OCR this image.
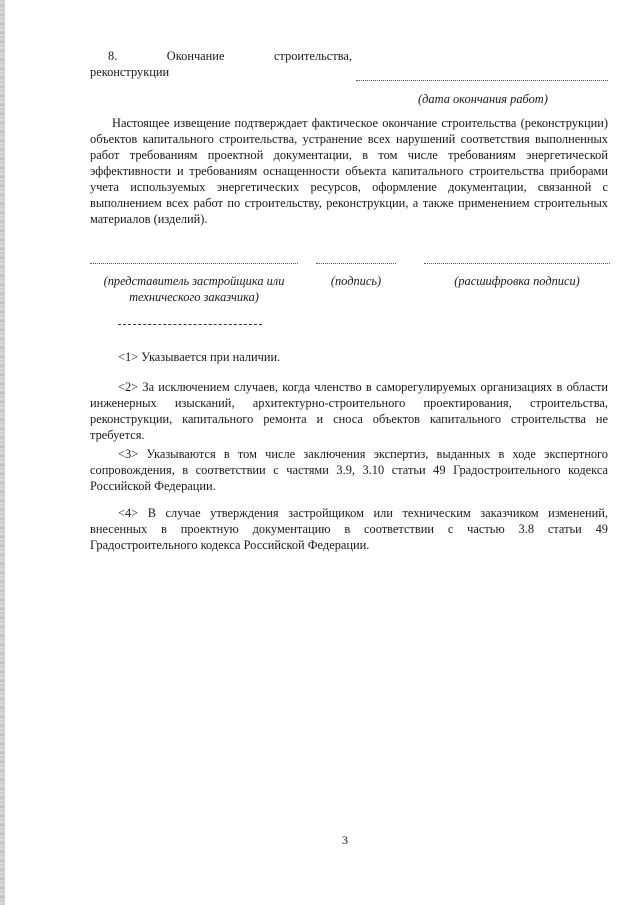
8.	Окончание	строительства,
реконструкции
(дата окончания работ)
Настоящее извещение подтверждает фактическое окончание строительства (реконструкции) объектов капитального строительства, устранение всех нарушений соответствия выполненных работ требованиям проектной документации, в том числе требованиям энергетической эффективности и требованиям оснащенности объекта капитального строительства приборами учета используемых энергетических ресурсов, оформление документации, связанной с выполнением всех работ по строительству, реконструкции, а также применением строительных материалов (изделий).
(представитель застройщика или технического заказчика)
(подпись)	(расшифровка подписи)
<1> Указывается при наличии.
<2> За исключением случаев, когда членство в саморегулируемых организациях в области инженерных изысканий, архитектурно-строительного проектирования, строительства, реконструкции, капитального ремонта и сноса объектов капитального строительства не требуется.
<3> Указываются в том числе заключения экспертиз, выданных в ходе экспертного сопровождения, в соответствии с частями 3.9, 3.10 статьи 49 Градостроительного кодекса Российской Федерации.
<4> В случае утверждения застройщиком или техническим заказчиком изменений, внесенных в проектную документацию в соответствии с частью 3.8 статьи 49 Градостроительного кодекса Российской Федерации.
3
